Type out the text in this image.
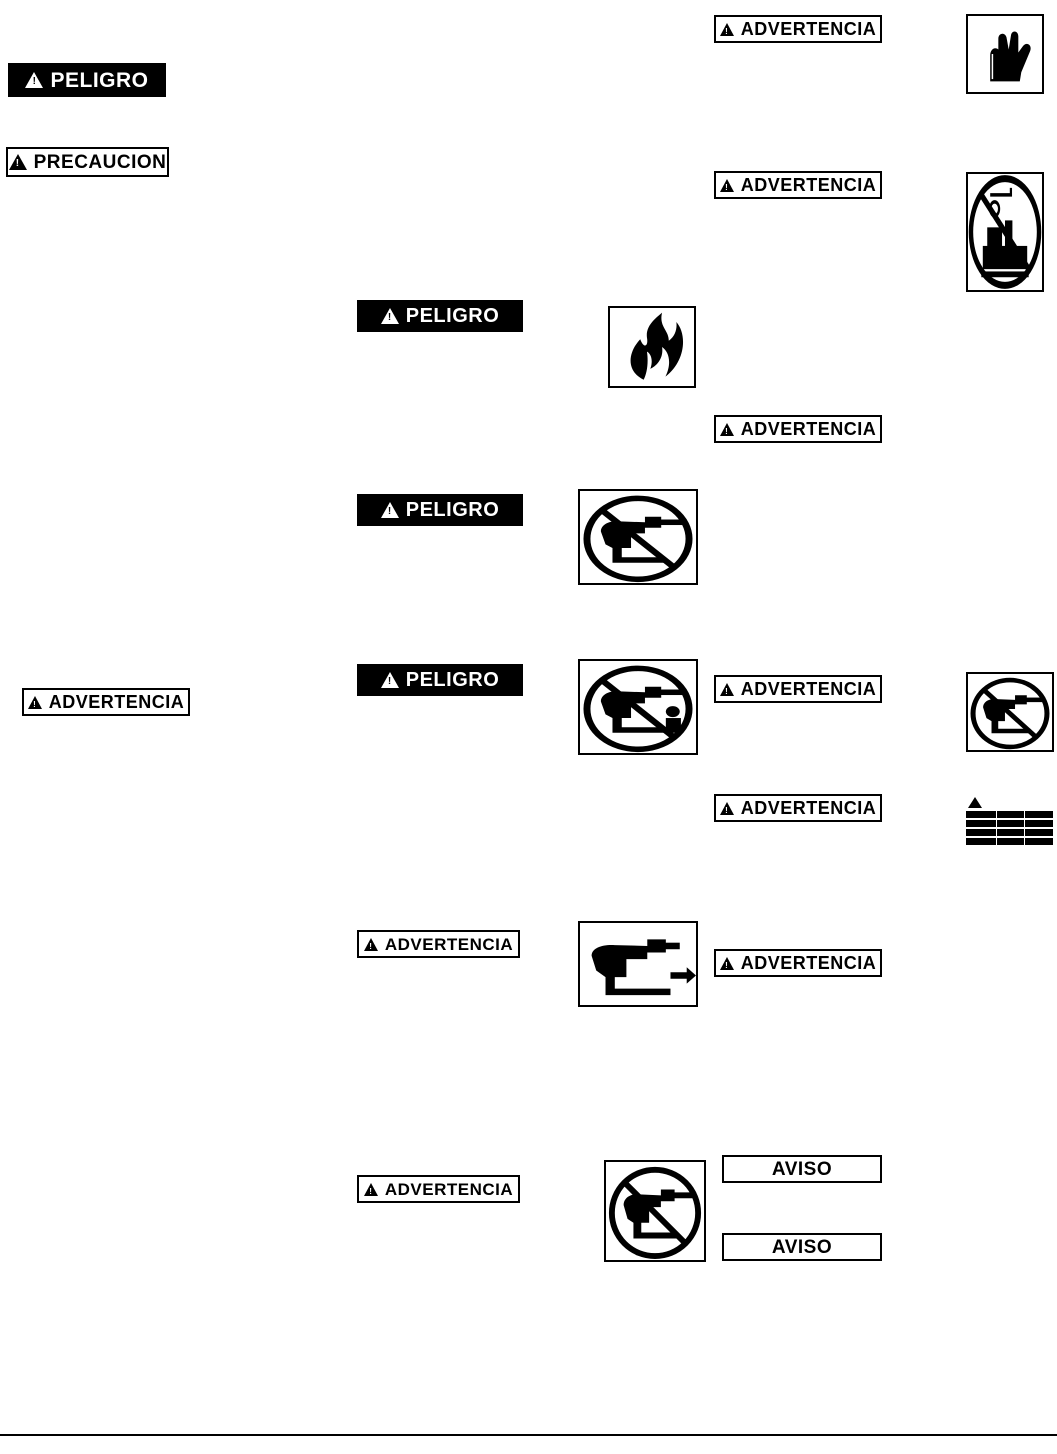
! PELIGRO
! PRECAUCION
! ADVERTENCIA
! ADVERTENCIA
! PELIGRO
! ADVERTENCIA
! PELIGRO
! ADVERTENCIA
! PELIGRO	! ADVERTENCIA
! ADVERTENCIA
! ADVERTENCIA
! ADVERTENCIA
! ADVERTENCIA
AVISO
AVISO
